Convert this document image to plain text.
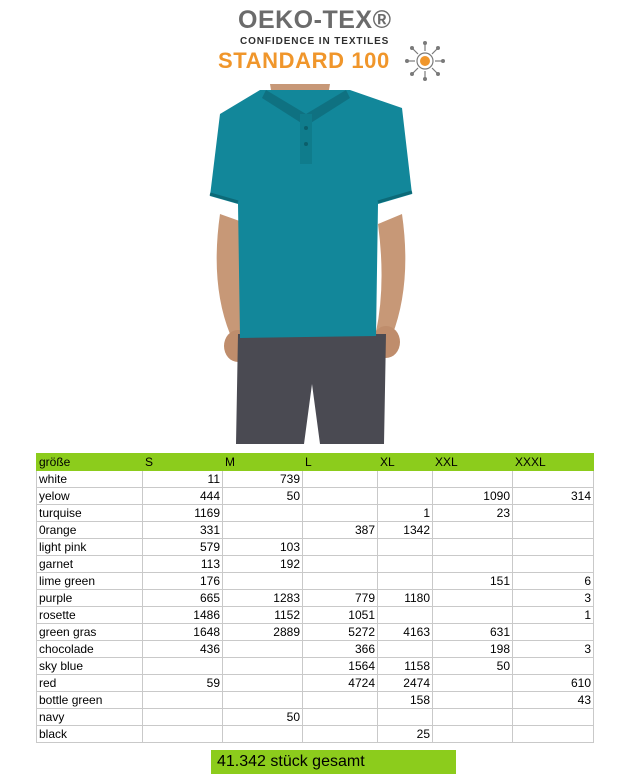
OEKO-TEX®
CONFIDENCE IN TEXTILES
STANDARD 100
größe	S	M	L	XL	XXL	XXXL
white	11	739				
yelow	444	50			1090	314
turquise	1169			1	23	
0range	331		387	1342		
light pink	579	103				
garnet	113	192				
lime green	176				151	6
purple	665	1283	779	1180		3
rosette	1486	1152	1051			1
green gras	1648	2889	5272	4163	631	
chocolade	436		366		198	3
sky blue			1564	1158	50	
red	59		4724	2474		610
bottle green				158		43
navy		50				
black				25		
41.342 stück gesamt
